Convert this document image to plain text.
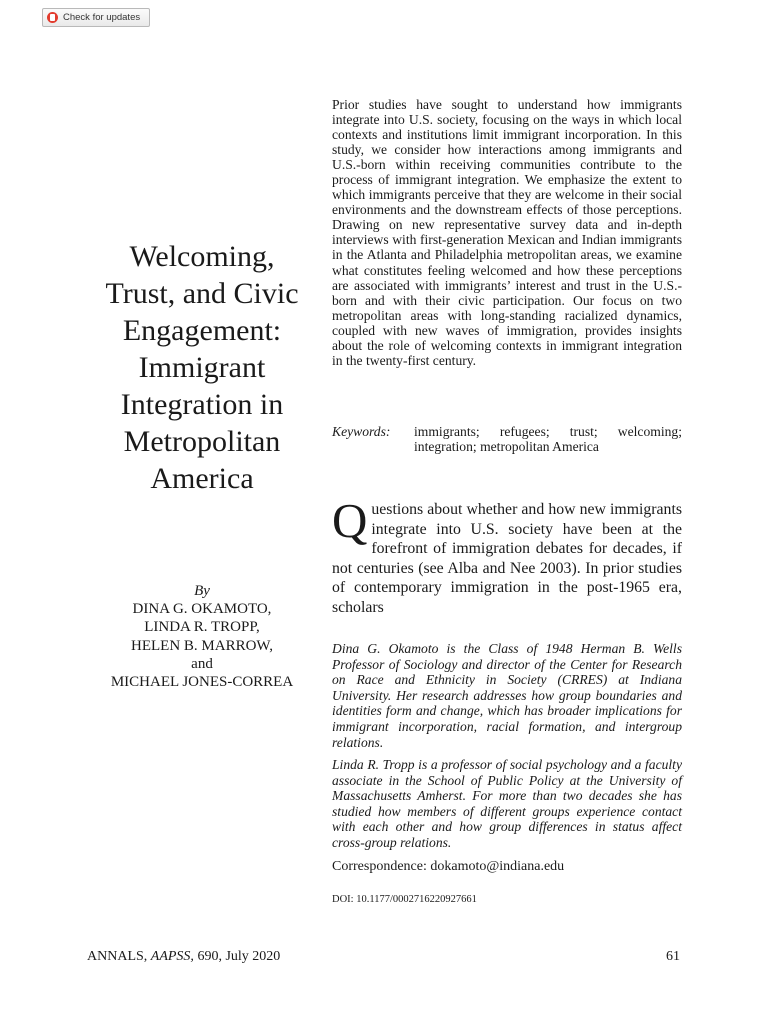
Check for updates
Welcoming,
Trust, and Civic
Engagement:
Immigrant
Integration in
Metropolitan
America
By
DINA G. OKAMOTO,
LINDA R. TROPP,
HELEN B. MARROW,
and
MICHAEL JONES-CORREA

Prior studies have sought to understand how immigrants integrate into U.S. society, focusing on the ways in which local contexts and institutions limit immigrant incorporation. In this study, we consider how interactions among immigrants and U.S.-born within receiving communities contribute to the process of immigrant integration. We emphasize the extent to which immigrants perceive that they are welcome in their social environments and the downstream effects of those perceptions. Drawing on new representative survey data and in-depth interviews with first-generation Mexican and Indian immigrants in the Atlanta and Philadelphia metropolitan areas, we examine what constitutes feeling welcomed and how these perceptions are associated with immigrants’ interest and trust in the U.S.-born and with their civic participation. Our focus on two metropolitan areas with long-standing racialized dynamics, coupled with new waves of immigration, provides insights about the role of welcoming contexts in immigrant integration in the twenty-first century.

Keywords:	immigrants; refugees; trust; welcoming; integration; metropolitan America

Questions about whether and how new immigrants integrate into U.S. society have been at the forefront of immigration debates for decades, if not centuries (see Alba and Nee 2003). In prior studies of contemporary immigration in the post-1965 era, scholars

Dina G. Okamoto is the Class of 1948 Herman B. Wells Professor of Sociology and director of the Center for Research on Race and Ethnicity in Society (CRRES) at Indiana University. Her research addresses how group boundaries and identities form and change, which has broader implications for immigrant incorporation, racial formation, and intergroup relations.

Linda R. Tropp is a professor of social psychology and a faculty associate in the School of Public Policy at the University of Massachusetts Amherst. For more than two decades she has studied how members of different groups experience contact with each other and how group differences in status affect cross-group relations.

Correspondence: dokamoto@indiana.edu
DOI: 10.1177/0002716220927661
ANNALS, AAPSS, 690, July 2020	61
